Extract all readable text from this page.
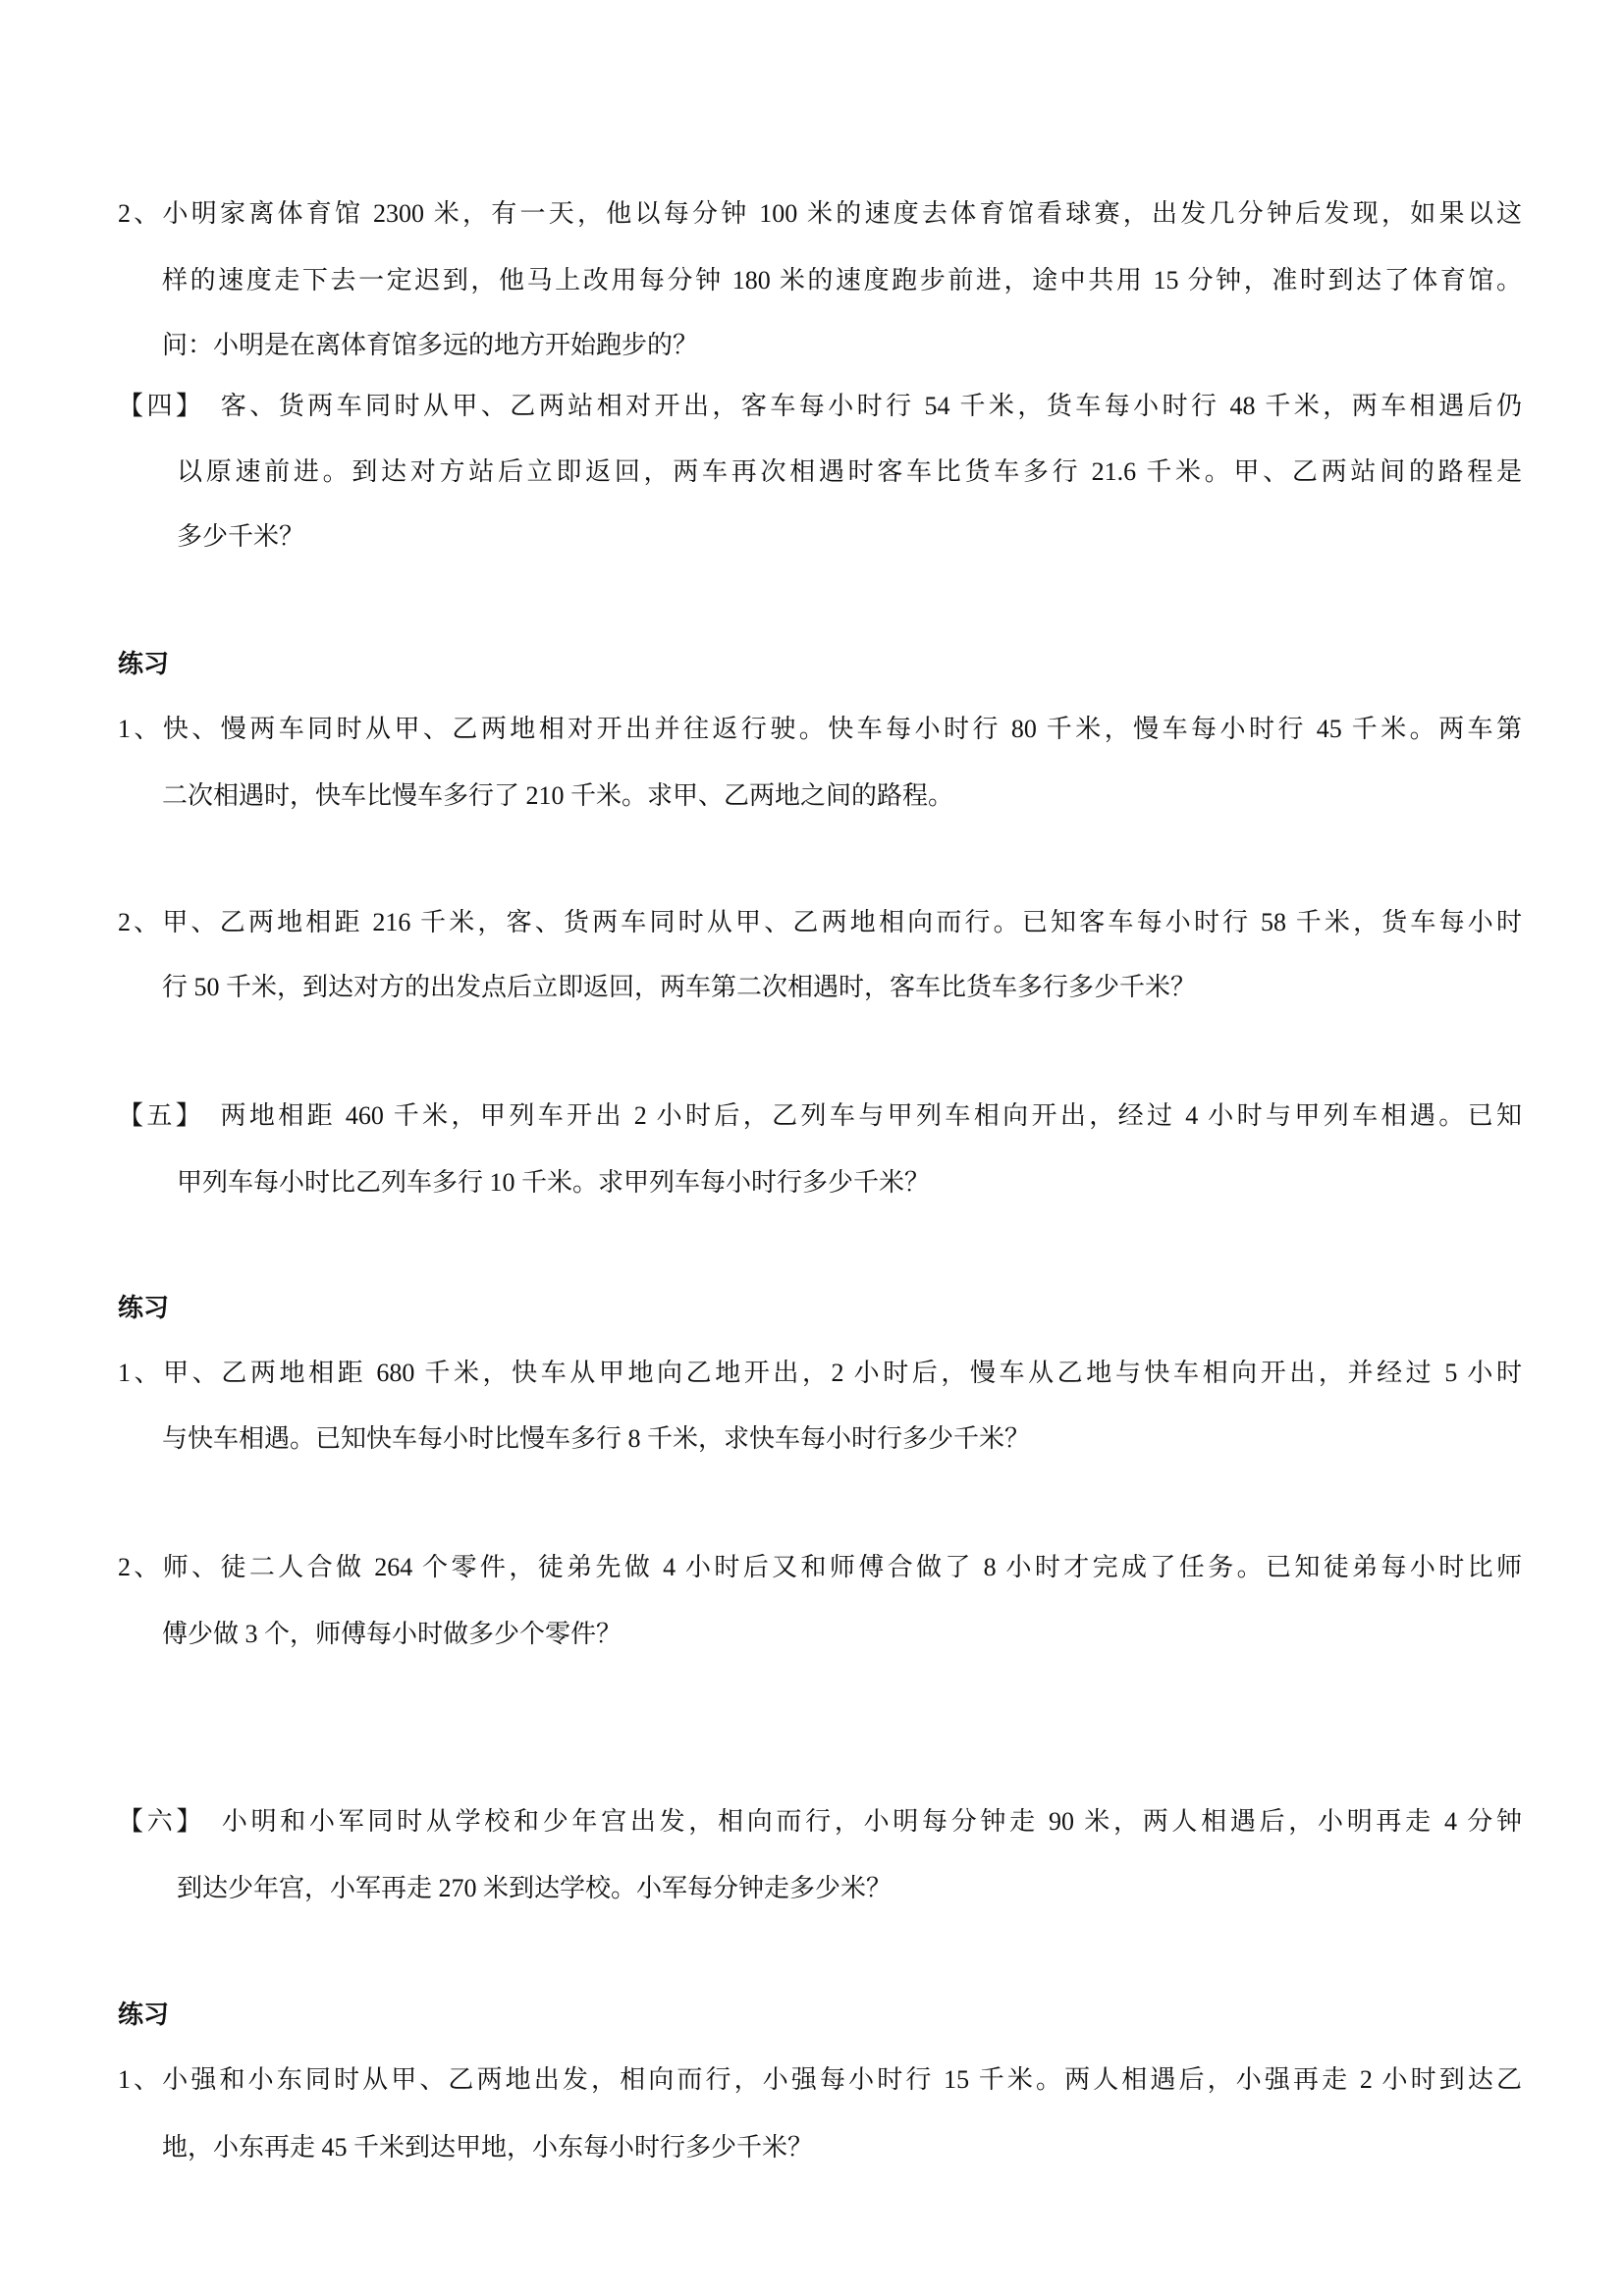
2、小明家离体育馆 2300 米，有一天，他以每分钟 100 米的速度去体育馆看球赛，出发几分钟后发现，如果以这
样的速度走下去一定迟到，他马上改用每分钟 180 米的速度跑步前进，途中共用 15 分钟，准时到达了体育馆。
问：小明是在离体育馆多远的地方开始跑步的？
【四】　客、货两车同时从甲、乙两站相对开出，客车每小时行 54 千米，货车每小时行 48 千米，两车相遇后仍
以原速前进。到达对方站后立即返回，两车再次相遇时客车比货车多行 21.6 千米。甲、乙两站间的路程是
多少千米？
练习
1、快、慢两车同时从甲、乙两地相对开出并往返行驶。快车每小时行 80 千米，慢车每小时行 45 千米。两车第
二次相遇时，快车比慢车多行了 210 千米。求甲、乙两地之间的路程。
2、甲、乙两地相距 216 千米，客、货两车同时从甲、乙两地相向而行。已知客车每小时行 58 千米，货车每小时
行 50 千米，到达对方的出发点后立即返回，两车第二次相遇时，客车比货车多行多少千米？
【五】　两地相距 460 千米，甲列车开出 2 小时后，乙列车与甲列车相向开出，经过 4 小时与甲列车相遇。已知
甲列车每小时比乙列车多行 10 千米。求甲列车每小时行多少千米？
练习
1、甲、乙两地相距 680 千米，快车从甲地向乙地开出，2 小时后，慢车从乙地与快车相向开出，并经过 5 小时
与快车相遇。已知快车每小时比慢车多行 8 千米，求快车每小时行多少千米？
2、师、徒二人合做 264 个零件，徒弟先做 4 小时后又和师傅合做了 8 小时才完成了任务。已知徒弟每小时比师
傅少做 3 个，师傅每小时做多少个零件？
【六】　小明和小军同时从学校和少年宫出发，相向而行，小明每分钟走 90 米，两人相遇后，小明再走 4 分钟
到达少年宫，小军再走 270 米到达学校。小军每分钟走多少米？
练习
1、小强和小东同时从甲、乙两地出发，相向而行，小强每小时行 15 千米。两人相遇后，小强再走 2 小时到达乙
地，小东再走 45 千米到达甲地，小东每小时行多少千米？
